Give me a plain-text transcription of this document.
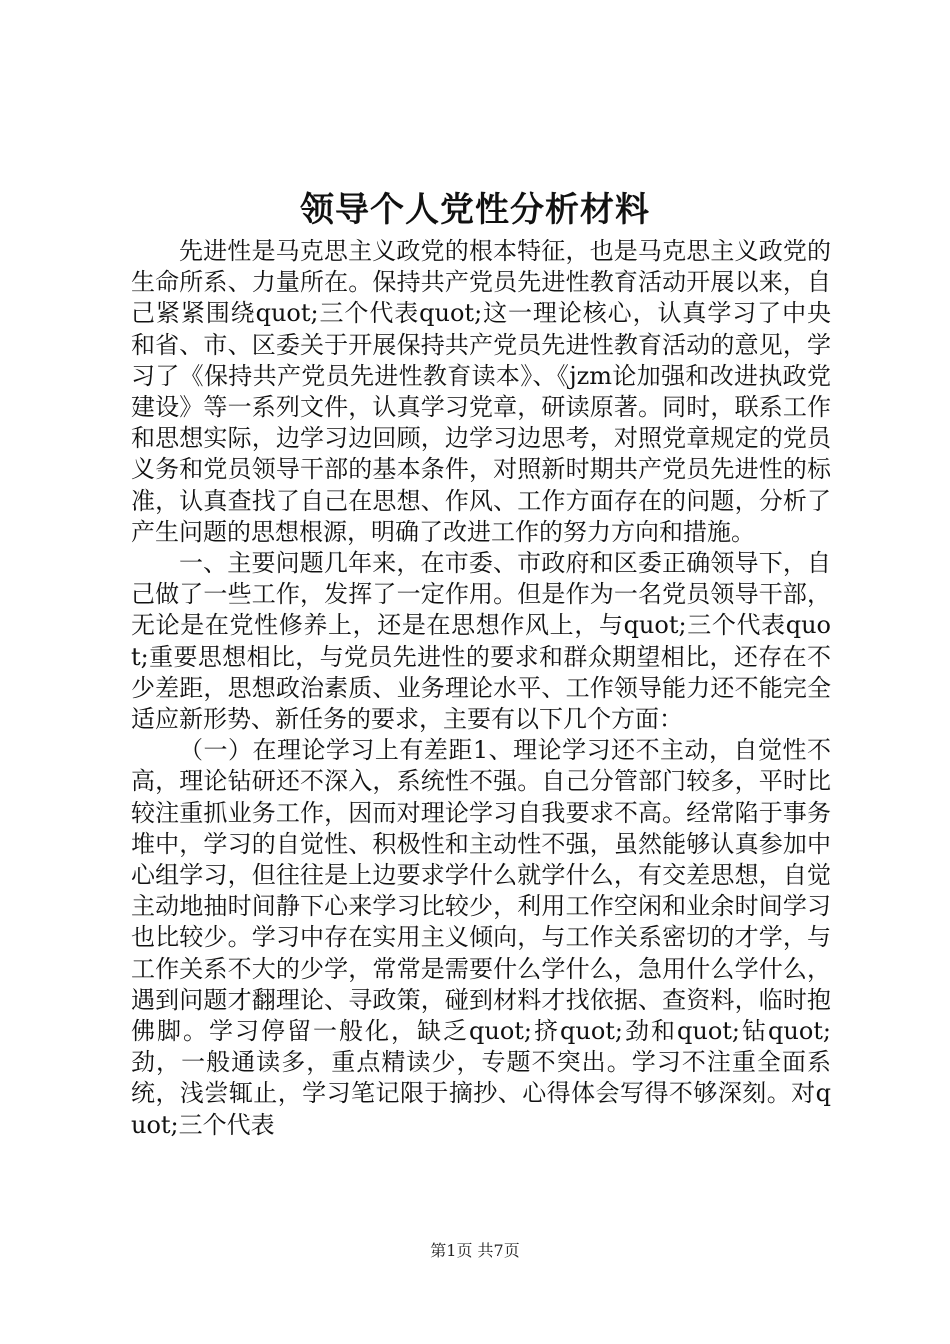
领导个人党性分析材料

先进性是马克思主义政党的根本特征，也是马克思主义政党的生命所系、力量所在。保持共产党员先进性教育活动开展以来，自己紧紧围绕quot;三个代表quot;这一理论核心，认真学习了中央和省、市、区委关于开展保持共产党员先进性教育活动的意见，学习了《保持共产党员先进性教育读本》、《jzm论加强和改进执政党建设》等一系列文件，认真学习党章，研读原著。同时，联系工作和思想实际，边学习边回顾，边学习边思考，对照党章规定的党员义务和党员领导干部的基本条件，对照新时期共产党员先进性的标准，认真查找了自己在思想、作风、工作方面存在的问题，分析了产生问题的思想根源，明确了改进工作的努力方向和措施。

一、主要问题几年来，在市委、市政府和区委正确领导下，自己做了一些工作，发挥了一定作用。但是作为一名党员领导干部，无论是在党性修养上，还是在思想作风上，与quot;三个代表quot;重要思想相比，与党员先进性的要求和群众期望相比，还存在不少差距，思想政治素质、业务理论水平、工作领导能力还不能完全适应新形势、新任务的要求，主要有以下几个方面：

（一）在理论学习上有差距1、理论学习还不主动，自觉性不高，理论钻研还不深入，系统性不强。自己分管部门较多，平时比较注重抓业务工作，因而对理论学习自我要求不高。经常陷于事务堆中，学习的自觉性、积极性和主动性不强，虽然能够认真参加中心组学习，但往往是上边要求学什么就学什么，有交差思想，自觉主动地抽时间静下心来学习比较少，利用工作空闲和业余时间学习也比较少。学习中存在实用主义倾向，与工作关系密切的才学，与工作关系不大的少学，常常是需要什么学什么，急用什么学什么，遇到问题才翻理论、寻政策，碰到材料才找依据、查资料，临时抱佛脚。学习停留一般化，缺乏quot;挤quot;劲和quot;钻quot;劲，一般通读多，重点精读少，专题不突出。学习不注重全面系统，浅尝辄止，学习笔记限于摘抄、心得体会写得不够深刻。对quot;三个代表

第1页 共7页
